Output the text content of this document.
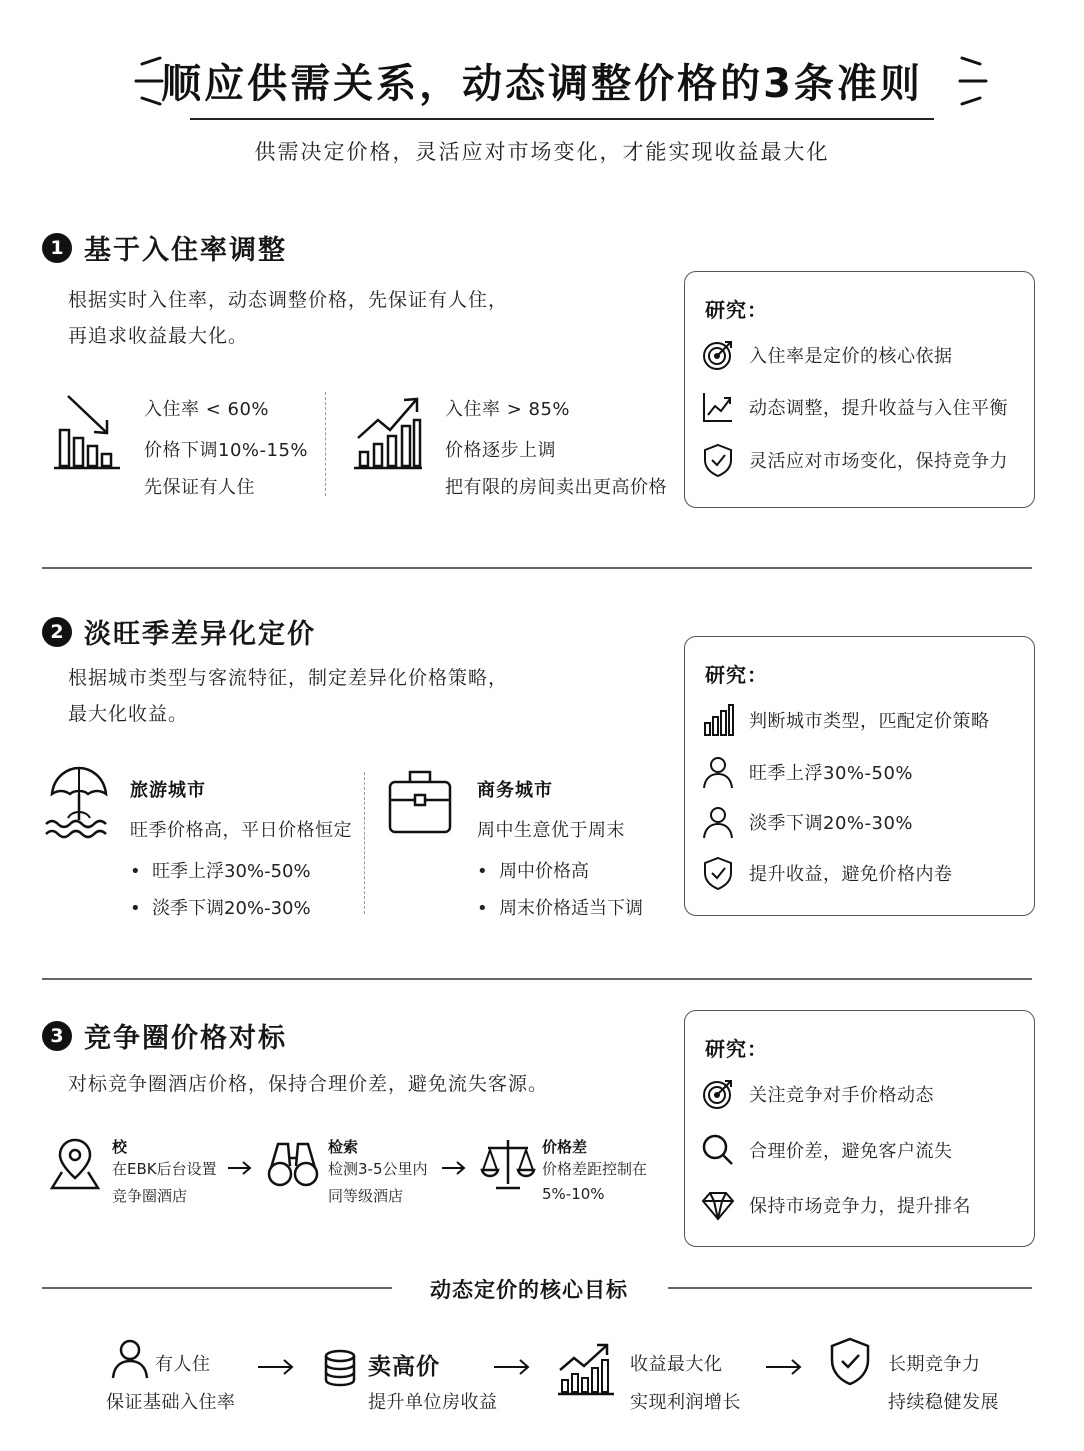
顺应供需关系，动态调整价格的3条准则
供需决定价格，灵活应对市场变化，才能实现收益最大化
1 基于入住率调整
根据实时入住率，动态调整价格，先保证有人住，
再追求收益最大化。
入住率 < 60%
价格下调10%-15%
先保证有人住
入住率 > 85%
价格逐步上调
把有限的房间卖出更高价格
研究：
入住率是定价的核心依据
动态调整，提升收益与入住平衡
灵活应对市场变化，保持竞争力
2 淡旺季差异化定价
根据城市类型与客流特征，制定差异化价格策略，
最大化收益。
旅游城市
旺季价格高，平日价格恒定
•  旺季上浮30%-50%
•  淡季下调20%-30%
商务城市
周中生意优于周末
•  周中价格高
•  周末价格适当下调
研究：
判断城市类型，匹配定价策略
旺季上浮30%-50%
淡季下调20%-30%
提升收益，避免价格内卷
3 竞争圈价格对标
对标竞争圈酒店价格，保持合理价差，避免流失客源。
校
在EBK后台设置
竞争圈酒店
检索
检测3-5公里内
同等级酒店
价格差
价格差距控制在
5%-10%
研究：
关注竞争对手价格动态
合理价差，避免客户流失
保持市场竞争力，提升排名
动态定价的核心目标
有人住
保证基础入住率
卖高价
提升单位房收益
收益最大化
实现利润增长
长期竞争力
持续稳健发展
